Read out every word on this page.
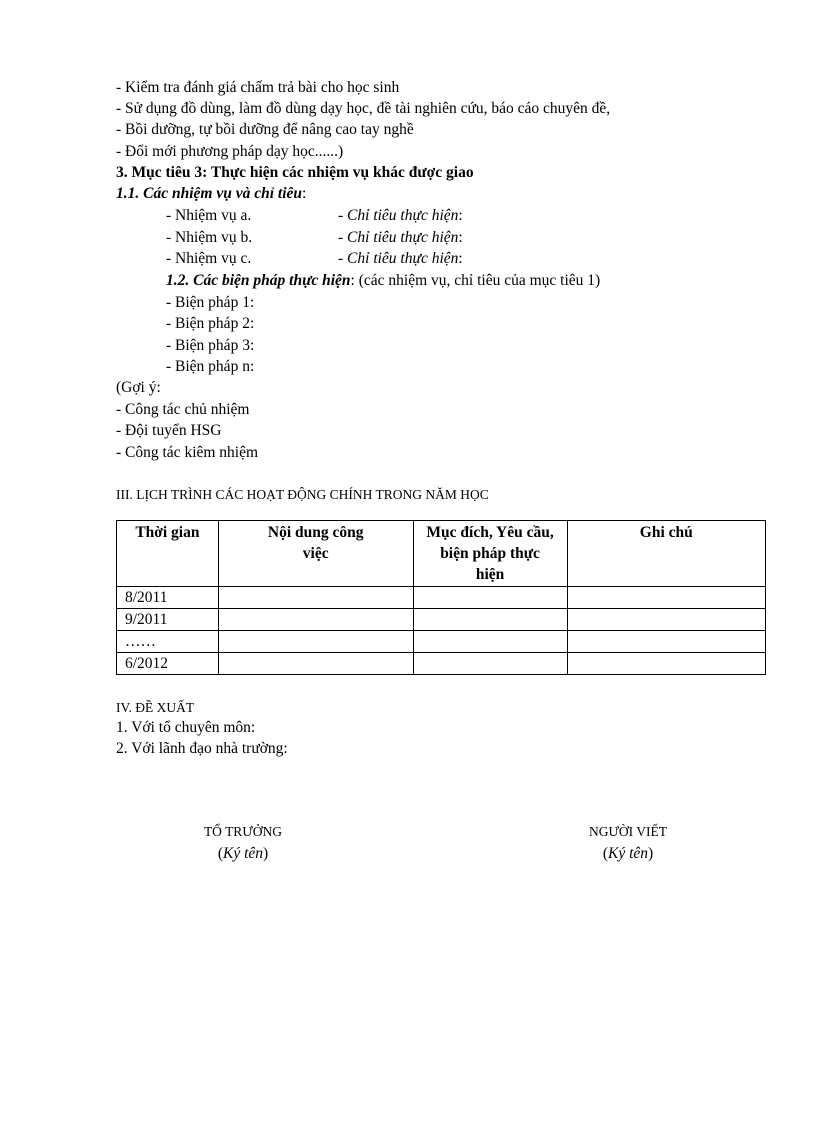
- Kiểm tra đánh giá chấm trả bài cho học sinh
- Sử dụng đồ dùng, làm đồ dùng dạy học, đề tài nghiên cứu, báo cáo chuyên đề,
- Bồi dưỡng, tự bồi dưỡng để nâng cao tay nghề
- Đổi mới phương pháp dạy học......)
3. Mục tiêu 3: Thực hiện các nhiệm vụ khác được giao
1.1. Các nhiệm vụ và chỉ tiêu:
- Nhiệm vụ a.	- Chỉ tiêu thực hiện:
- Nhiệm vụ b.	- Chỉ tiêu thực hiện:
- Nhiệm vụ c.	- Chỉ tiêu thực hiện:
1.2. Các biện pháp thực hiện: (các nhiệm vụ, chỉ tiêu của mục tiêu 1)
- Biện pháp 1:
- Biện pháp 2:
- Biện pháp 3:
- Biện pháp n:
(Gợi ý:
- Công tác chủ nhiệm
- Đội tuyển HSG
- Công tác kiêm nhiệm
III. LỊCH TRÌNH CÁC HOẠT ĐỘNG CHÍNH TRONG NĂM HỌC
Thời gian	Nội dung công việc	Mục đích, Yêu cầu, biện pháp thực hiện	Ghi chú
8/2011			
9/2011			
……			
6/2012			
IV. ĐỀ XUẤT
1. Với tổ chuyên môn:
2. Với lãnh đạo nhà trường:
TỔ TRƯỞNG
(Ký tên)
NGƯỜI VIẾT
(Ký tên)
